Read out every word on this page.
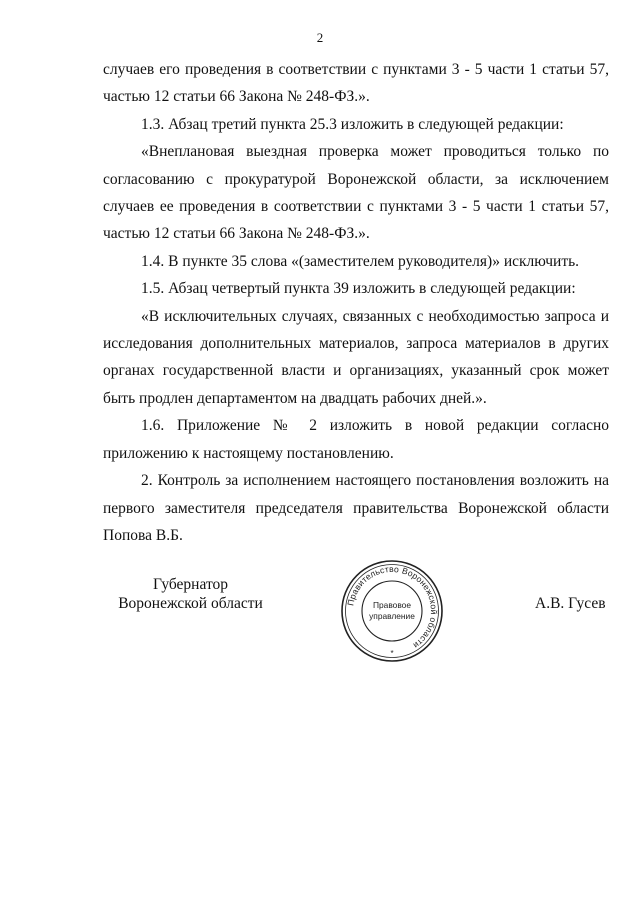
2

случаев его проведения в соответствии с пунктами 3 - 5 части 1 статьи 57, частью 12 статьи 66 Закона № 248-ФЗ.».

1.3. Абзац третий пункта 25.3 изложить в следующей редакции:

«Внеплановая выездная проверка может проводиться только по согласованию с прокуратурой Воронежской области, за исключением случаев ее проведения в соответствии с пунктами 3 - 5 части 1 статьи 57, частью 12 статьи 66 Закона № 248-ФЗ.».

1.4. В пункте 35 слова «(заместителем руководителя)» исключить.

1.5. Абзац четвертый пункта 39 изложить в следующей редакции:

«В исключительных случаях, связанных с необходимостью запроса и исследования дополнительных материалов, запроса материалов в других органах государственной власти и организациях, указанный срок может быть продлен департаментом на двадцать рабочих дней.».

1.6. Приложение № 2 изложить в новой редакции согласно приложению к настоящему постановлению.

2. Контроль за исполнением настоящего постановления возложить на первого заместителя председателя правительства Воронежской области Попова В.Б.

Губернатор
Воронежской области	А.В. Гусев
Правительство Воронежской области
Правовое
управление
*
